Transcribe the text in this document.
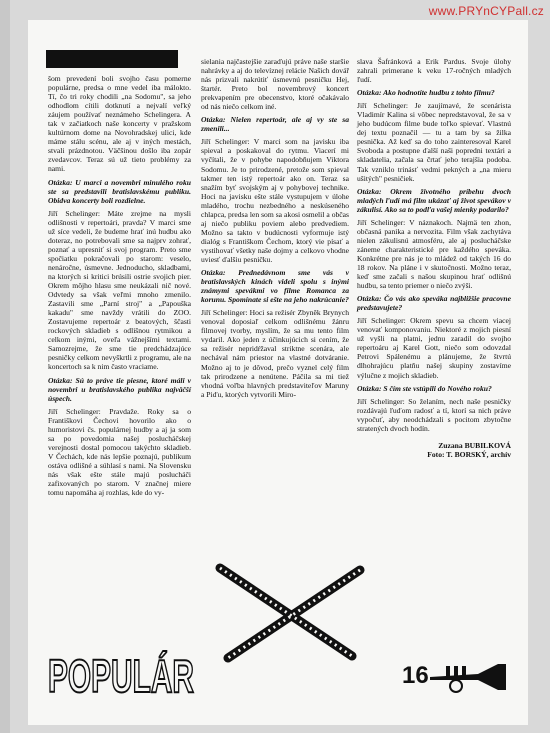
www.PRYnCYPall.cz

šom prevedení boli svojho času pomerne populárne, predsa o mne vedel iba málokto. Tí, čo tri roky chodili „na Sodomu", sa jeho odhodlom cítili dotknutí a nejvalí veľký záujem používať neznámeho Schelingera. A tak v začiatkoch naše koncerty v pražskom kultúrnom dome na Novohradskej ulici, kde máme stálu scénu, ale aj v iných mestách, stvali prázdnotou. Väčšinou došlo iba zopár zvedavcov. Teraz sú už tieto problémy za nami.

Otázka: U marci a novembri minulého roku ste sa predstavili bratislavskému publiku. Obidva koncerty boli rozdielne.

Jiří Schelinger: Máte zrejme na mysli odlišnosti v repertoári, pravda? V marci sme už síce vedeli, že budeme hrať inú hudbu ako doteraz, no potrebovali sme sa najprv zohrať, poznať a upresniť si svoj program. Preto sme spočiatku pokračovali po starom: veselo, nenáročne, úsmevne. Jednoducho, skladbami, na ktorých si kritici brúsili ostrie svojich pier. Okrem môjho hlasu sme neukázali nič nové. Odvtedy sa však veľmi mnoho zmenilo. Zastavili sme „Parní stroj" a „Papouška kakadu" sme navždy vrátili do ZOO. Zostavujeme repertoár z beatových, ščasti rockových skladieb s odlišnou rytmikou a celkom inými, oveľa vážnejšími textami. Samozrejme, že sme tie predchádzajúce pesničky celkom nevyškrtli z programu, ale na koncertoch sa k nim často vraciame.

Otázka: Sú to práve tie piesne, ktoré máli v novembri u bratislavského publika najväčší úspech.

Jiří Schelinger: Pravdaže. Roky sa o Františkovi Čechovi hovorilo ako o humoristovi čs. populárnej hudby a aj ja som sa po povedomia našej poslucháčskej verejnosti dostal pomocou takýchto skladieb. V Čechách, kde nás lepšie poznajú, publikum ostáva odlišné a súhlasí s nami. Na Slovensku nás však ešte stále majú poslucháči zafixovaných po starom. V značnej miere tomu napomáha aj rozhlas, kde do vy-

sielania najčastejšie zaraďujú práve naše staršie nahrávky a aj do televíznej relácie Našich dovář nás prizvali nakrútiť úsmevnú pesničku Hej, štartér. Preto bol novembrový koncert prekvapením pre obecenstvo, ktoré očakávalo od nás niečo celkom iné.

Otázka: Nielen repertoár, ale aj vy ste sa zmenili...

Jiří Schelinger: V marci som na javisku iba spieval a poskakoval do rytmu. Viacerí mi vyčítali, že v pohybe napodobňujem Viktora Sodomu. Je to prirodzené, pretože som spieval takmer ten istý repertoár ako on. Teraz sa snažím byť svojským aj v pohybovej technike. Hoci na javisku ešte stále vystupujem v úlohe mladého, trochu nezbedného a neskúseného chlapca, predsa len som sa akosi osmelil a občas aj niečo publiku poviem alebo predvediem. Možno sa takto v budúcnosti vyformuje istý dialóg s Františkom Čechom, ktorý vie písať a vystihovať všetky naše dojmy a celkovo vhodne uviesť ďalšiu pesničku.

Otázka: Prednedávnom sme vás v bratislavských kinách videli spolu s inými známymi spevákmi vo filme Romanca za korunu. Spomínate si ešte na jeho nakrúcanie?

Jiří Schelinger: Hoci sa režisér Zbyněk Brynych venoval doposiaľ celkom odlišnému žánru filmovej tvorby, myslím, že sa mu tento film vydaril. Ako jeden z účinkujúcich si cením, že sa režisér nepridŕžaval striktne scenára, ale nechával nám priestor na vlastné dotváranie. Možno aj to je dôvod, prečo vyznel celý film tak prirodzene a nenútene. Páčila sa mi tiež vhodná voľba hlavných predstaviteľov Maruny a Piďu, ktorých vytvorili Miro-

slava Šafránková a Erik Pardus. Svoje úlohy zahrali primerane k veku 17-ročných mladých ľudí.

Otázka: Ako hodnotíte hudbu z tohto filmu?

Jiří Schelinger: Je zaujímavé, že scenárista Vladimír Kalina si vôbec nepredstavoval, že sa v jeho budúcom filme bude toľko spievať. Vlastnú dej textu poznačil — tu a tam by sa žilka pesnička. Až keď sa do toho zainteresoval Karel Svoboda a postupne ďalší naši popredni textári a skladatelia, začala sa črtať jeho terajšia podoba. Tak vzniklo trinásť vedmi pekných a „na mieru ušitých" pesničiek.

Otázka: Okrem životného príbehu dvoch mladých ľudí má film ukázať aj život spevákov v zákulisí. Ako sa to podľa vašej mienky podarilo?

Jiří Schelinger: V náznakoch. Najmä ten zhon, občasná panika a nervozita. Film však zachytáva nielen zákulisnú atmosféru, ale aj poslucháčske záneme charakteristické pre každého speváka. Konkrétne pre nás je to mládež od takých 16 do 18 rokov. Na pláne i v skutočnosti. Možno teraz, keď sme začali s našou skupinou hrať odlišnú hudbu, sa tento priemer o niečo zvýši.

Otázka: Čo vás ako speváka najbližšie pracovne predstavujete?

Jiří Schelinger: Okrem spevu sa chcem viacej venovať komponovaniu. Niektoré z mojich piesní už vyšli na platni, jednu zaradil do svojho repertoáru aj Karel Gott, niečo som odovzdal Petrovi Spálenému a plánujeme, že štvrtú dlhohrajúcu platňu našej skupiny zostavíme výlučne z mojich skladieb.

Otázka: S čím ste vstúpili do Nového roku?

Jiří Schelinger: So želaním, nech naše pesničky rozdávajú ľuďom radosť a tí, ktorí sa nich práve vypočuť, aby neodchádzali s pocitom zbytočne stratených dvoch hodín.

Zuzana BUBILKOVÁ
Foto: T. BORSKÝ, archív
POPULÁR	16
